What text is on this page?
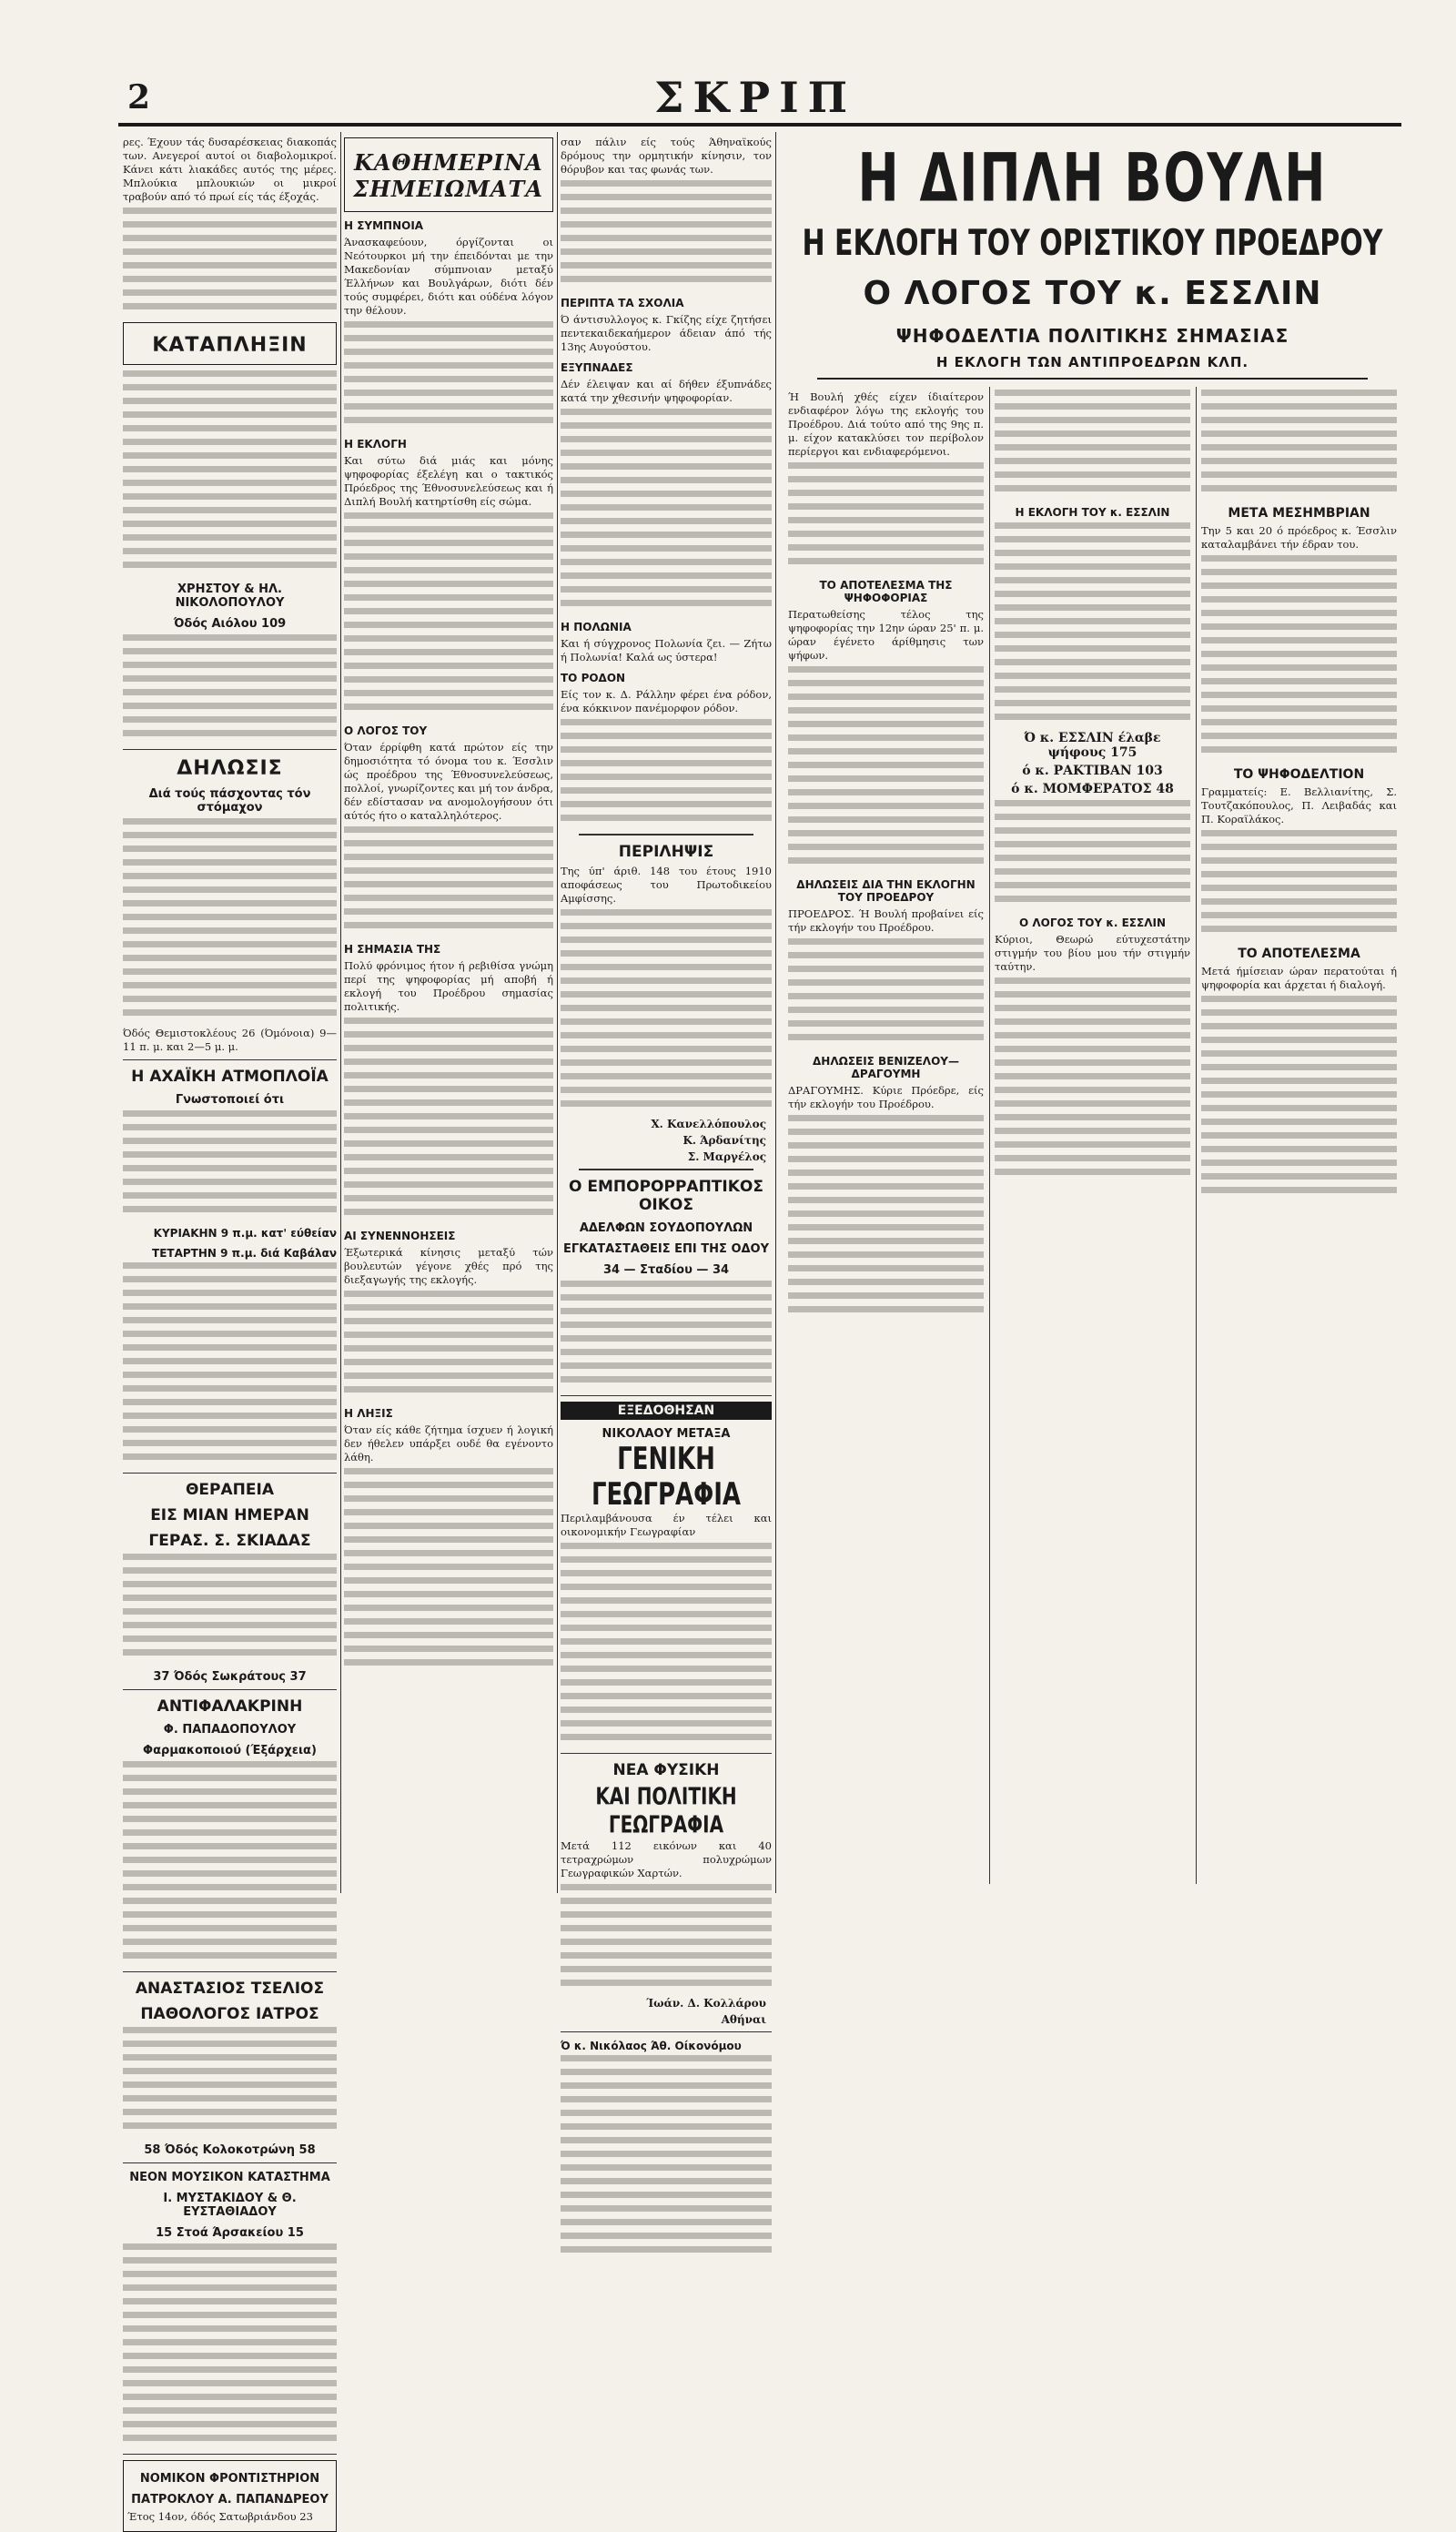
2	ΣΚΡΙΠ

ρες. Έχουν τάς δυσαρέσκειας διακοπάς των. Ανεγεροί αυτοί οι διαβολομικροί. Κάνει κάτι λιακάδες αυτός της μέρες. Μπλούκια μπλουκιών οι μικροί τραβούν από τό πρωί είς τάς έξοχάς.

ΚΑΤΑΠΛΗΞΙΝ

ΧΡΗΣΤΟΥ & ΗΛ. ΝΙΚΟΛΟΠΟΥΛΟΥ
Όδός Αιόλου 109

ΔΗΛΩΣΙΣ
Διά τούς πάσχοντας τόν στόμαχον

Όδός Θεμιστοκλέους 26 (Όμόνοια) 9—11 π. μ. και 2—5 μ. μ.

Η ΑΧΑΪΚΗ ΑΤΜΟΠΛΟΪΑ
Γνωστοποιεί ότι

ΚΥΡΙΑΚΗΝ 9 π.μ. κατ' εύθείαν
ΤΕΤΑΡΤΗΝ 9 π.μ. διά Καβάλαν

ΘΕΡΑΠΕΙΑ
ΕΙΣ ΜΙΑΝ ΗΜΕΡΑΝ
ΓΕΡΑΣ. Σ. ΣΚΙΑΔΑΣ

37 Όδός Σωκράτους 37
ΑΝΤΙΦΑΛΑΚΡΙΝΗ
Φ. ΠΑΠΑΔΟΠΟΥΛΟΥ
Φαρμακοποιού (Έξάρχεια)

ΑΝΑΣΤΑΣΙΟΣ ΤΣΕΛΙΟΣ
ΠΑΘΟΛΟΓΟΣ ΙΑΤΡΟΣ

58 Όδός Κολοκοτρώνη 58
ΝΕΟΝ ΜΟΥΣΙΚΟΝ ΚΑΤΑΣΤΗΜΑ
Ι. ΜΥΣΤΑΚΙΔΟΥ & Θ. ΕΥΣΤΑΘΙΑΔΟΥ
15 Στοά Άρσακείου 15

ΝΟΜΙΚΟΝ ΦΡΟΝΤΙΣΤΗΡΙΟΝ
ΠΑΤΡΟΚΛΟΥ Α. ΠΑΠΑΝΔΡΕΟΥ
Έτος 14ον, όδός Σατωβριάνδου 23
ΚΑΘΗΜΕΡΙΝΑ
ΣΗΜΕΙΩΜΑΤΑ
Η ΣΥΜΠΝΟΙΑ

Άνασκαφεύουν, όργίζονται οι Νεότουρκοι μή την έπειδόνται με την Μακεδονίαν σύμπνοιαν μεταξύ Έλλήνων και Βουλγάρων, διότι δέν τούς συμφέρει, διότι και ούδένα λόγον την θέλουν.

Η ΕΚΛΟΓΗ

Και σύτω διά μιάς και μόνης ψηφοφορίας έξελέγη και ο τακτικός Πρόεδρος της Έθνοσυνελεύσεως και ή Διπλή Βουλή κατηρτίσθη είς σώμα.

Ο ΛΟΓΟΣ ΤΟΥ

Όταν έρρίφθη κατά πρώτον είς την δημοσιότητα τό όνομα του κ. Έσσλιν ώς προέδρου της Έθνοσυνελεύσεως, πολλοί, γνωρίζοντες και μή τον άνδρα, δέν εδίστασαν να ανομολογήσουν ότι αύτός ήτο ο καταλληλότερος.

Η ΣΗΜΑΣΙΑ ΤΗΣ

Πολύ φρόνιμος ήτον ή ρεβιθίσα γνώμη περί της ψηφοφορίας μή αποβή ή εκλογή του Προέδρου σημασίας πολιτικής.

ΑΙ ΣΥΝΕΝΝΟΗΣΕΙΣ

Έξωτερικά κίνησις μεταξύ τών βουλευτών γέγονε χθές πρό της διεξαγωγής της εκλογής.

Η ΛΗΞΙΣ

Όταν είς κάθε ζήτημα ίσχυεν ή λογική δεν ήθελεν υπάρξει ουδέ θα εγένοντο λάθη.

σαν πάλιν είς τούς Άθηναϊκούς δρόμους την ορμητικήν κίνησιν, τον θόρυβον και τας φωνάς των.

ΠΕΡΙΠΤΑ ΤΑ ΣΧΟΛΙΑ

Ό άντισυλλογος κ. Γκίζης είχε ζητήσει πεντεκαιδεκαήμερον άδειαν άπό τής 13ης Αυγούστου.

ΕΞΥΠΝΑΔΕΣ

Δέν έλειψαν και αί δήθεν έξυπνάδες κατά την χθεσινήν ψηφοφορίαν.

Η ΠΟΛΩΝΙΑ

Και ή σύγχρονος Πολωνία ζει. — Ζήτω ή Πολωνία! Καλά ως ύστερα!

ΤΟ ΡΟΔΟΝ

Είς τον κ. Δ. Ράλλην φέρει ένα ρόδον, ένα κόκκινον πανέμορφον ρόδον.

ΠΕΡΙΛΗΨΙΣ

Της ύπ' άριθ. 148 του έτους 1910 αποφάσεως του Πρωτοδικείου Αμφίσσης.

Χ. Κανελλόπουλος
Κ. Άρδανίτης
Σ. Μαργέλος
Ο ΕΜΠΟΡΟΡΡΑΠΤΙΚΟΣ ΟΙΚΟΣ
ΑΔΕΛΦΩΝ ΣΟΥΔΟΠΟΥΛΩΝ
ΕΓΚΑΤΑΣΤΑΘΕΙΣ ΕΠΙ ΤΗΣ ΟΔΟΥ
34 — Σταδίου — 34

ΕΞΕΔΟΘΗΣΑΝ
ΝΙΚΟΛΑΟΥ ΜΕΤΑΞΑ
ΓΕΝΙΚΗ ΓΕΩΓΡΑΦΙΑ

Περιλαμβάνουσα έν τέλει και οικονομικήν Γεωγραφίαν

ΝΕΑ ΦΥΣΙΚΗ
ΚΑΙ ΠΟΛΙΤΙΚΗ ΓΕΩΓΡΑΦΙΑ

Μετά 112 εικόνων και 40 τετραχρώμων πολυχρώμων Γεωγραφικών Χαρτών.

Ίωάν. Δ. Κολλάρου
Αθήναι
Ό κ. Νικόλαος Άθ. Οίκονόμου

Η ΔΙΠΛΗ ΒΟΥΛΗ
Η ΕΚΛΟΓΗ ΤΟΥ ΟΡΙΣΤΙΚΟΥ ΠΡΟΕΔΡΟΥ
Ο ΛΟΓΟΣ ΤΟΥ κ. ΕΣΣΛΙΝ
ΨΗΦΟΔΕΛΤΙΑ ΠΟΛΙΤΙΚΗΣ ΣΗΜΑΣΙΑΣ
Η ΕΚΛΟΓΗ ΤΩΝ ΑΝΤΙΠΡΟΕΔΡΩΝ ΚΛΠ.

Ή Βουλή χθές είχεν ίδιαίτερον ενδιαφέρον λόγω της εκλογής του Προέδρου. Διά τούτο από της 9ης π. μ. είχον κατακλύσει τον περίβολον περίεργοι και ενδιαφερόμενοι.

ΤΟ ΑΠΟΤΕΛΕΣΜΑ ΤΗΣ ΨΗΦΟΦΟΡΙΑΣ

Περατωθείσης τέλος της ψηφοφορίας την 12ην ώραν 25' π. μ. ώραν έγένετο άρίθμησις των ψήφων.

ΔΗΛΩΣΕΙΣ ΔΙΑ ΤΗΝ ΕΚΛΟΓΗΝ ΤΟΥ ΠΡΟΕΔΡΟΥ

ΠΡΟΕΔΡΟΣ. Ή Βουλή προβαίνει είς τήν εκλογήν του Προέδρου.

ΔΗΛΩΣΕΙΣ ΒΕΝΙΖΕΛΟΥ—ΔΡΑΓΟΥΜΗ

ΔΡΑΓΟΥΜΗΣ. Κύριε Πρόεδρε, είς τήν εκλογήν του Προέδρου.

Η ΕΚΛΟΓΗ ΤΟΥ κ. ΕΣΣΛΙΝ

Ό κ. ΕΣΣΛΙΝ έλαβε ψήφους 175
ό κ. ΡΑΚΤΙΒΑΝ 103
ό κ. ΜΟΜΦΕΡΑΤΟΣ 48

Ο ΛΟΓΟΣ ΤΟΥ κ. ΕΣΣΛΙΝ

Κύριοι, Θεωρώ εύτυχεστάτην στιγμήν του βίου μου τήν στιγμήν ταύτην.

ΜΕΤΑ ΜΕΣΗΜΒΡΙΑΝ

Την 5 και 20 ό πρόεδρος κ. Έσσλιν καταλαμβάνει τήν έδραν του.

ΤΟ ΨΗΦΟΔΕΛΤΙΟΝ

Γραμματείς: Ε. Βελλιανίτης, Σ. Τουτζακόπουλος, Π. Λειβαδάς και Π. Κοραϊλάκος.

ΤΟ ΑΠΟΤΕΛΕΣΜΑ

Μετά ήμίσειαν ώραν περατούται ή ψηφοφορία και άρχεται ή διαλογή.
